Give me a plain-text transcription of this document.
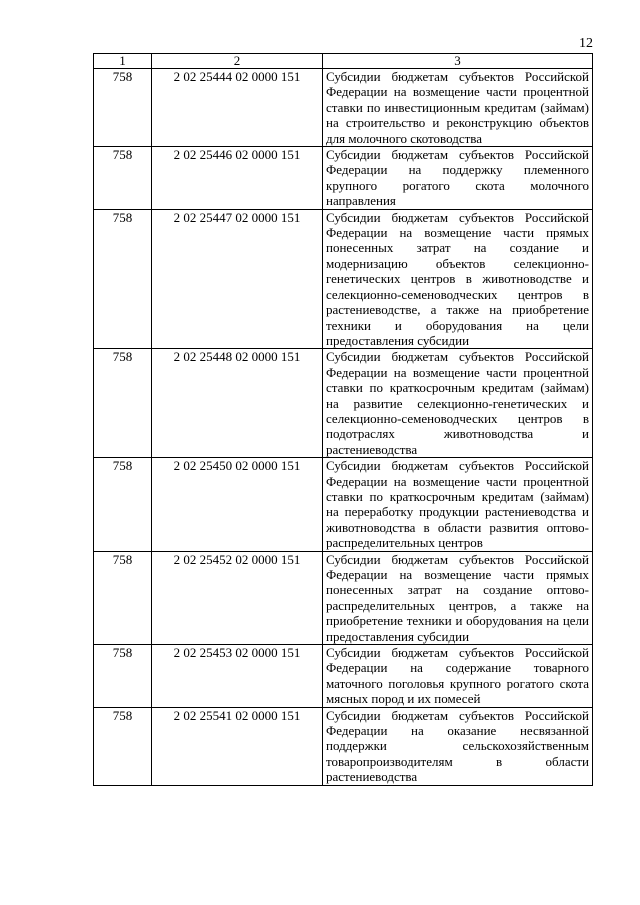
12
1	2	3
758	2 02 25444 02 0000 151	Субсидии бюджетам субъектов Российской Федерации на возмещение части процентной ставки по инвестиционным кредитам (займам) на строительство и реконструкцию объектов для молочного скотоводства
758	2 02 25446 02 0000 151	Субсидии бюджетам субъектов Российской Федерации на поддержку племенного крупного рогатого скота молочного направления
758	2 02 25447 02 0000 151	Субсидии бюджетам субъектов Российской Федерации на возмещение части прямых понесенных затрат на создание и модернизацию объектов селекционно-генетических центров в животноводстве и селекционно-семеноводческих центров в растениеводстве, а также на приобретение техники и оборудования на цели предоставления субсидии
758	2 02 25448 02 0000 151	Субсидии бюджетам субъектов Российской Федерации на возмещение части процентной ставки по краткосрочным кредитам (займам) на развитие селекционно-генетических и селекционно-семеноводческих центров в подотраслях животноводства и растениеводства
758	2 02 25450 02 0000 151	Субсидии бюджетам субъектов Российской Федерации на возмещение части процентной ставки по краткосрочным кредитам (займам) на переработку продукции растениеводства и животноводства в области развития оптово-распределительных центров
758	2 02 25452 02 0000 151	Субсидии бюджетам субъектов Российской Федерации на возмещение части прямых понесенных затрат на создание оптово-распределительных центров, а также на приобретение техники и оборудования на цели предоставления субсидии
758	2 02 25453 02 0000 151	Субсидии бюджетам субъектов Российской Федерации на содержание товарного маточного поголовья крупного рогатого скота мясных пород и их помесей
758	2 02 25541 02 0000 151	Субсидии бюджетам субъектов Российской Федерации на оказание несвязанной поддержки сельскохозяйственным товаропроизводителям в области растениеводства
